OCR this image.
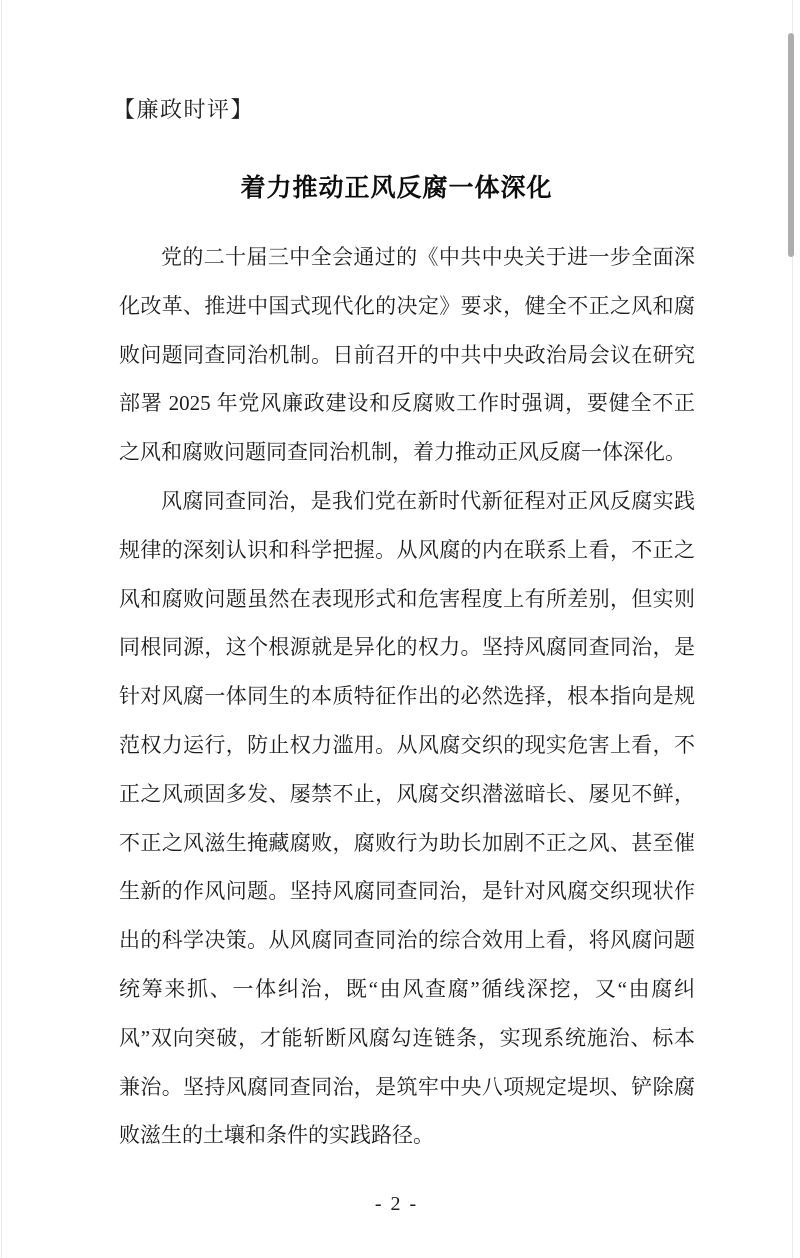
【廉政时评】
着力推动正风反腐一体深化

党的二十届三中全会通过的《中共中央关于进一步全面深化改革、推进中国式现代化的决定》要求，健全不正之风和腐败问题同查同治机制。日前召开的中共中央政治局会议在研究部署 2025 年党风廉政建设和反腐败工作时强调，要健全不正之风和腐败问题同查同治机制，着力推动正风反腐一体深化。

风腐同查同治，是我们党在新时代新征程对正风反腐实践规律的深刻认识和科学把握。从风腐的内在联系上看，不正之风和腐败问题虽然在表现形式和危害程度上有所差别，但实则同根同源，这个根源就是异化的权力。坚持风腐同查同治，是针对风腐一体同生的本质特征作出的必然选择，根本指向是规范权力运行，防止权力滥用。从风腐交织的现实危害上看，不正之风顽固多发、屡禁不止，风腐交织潜滋暗长、屡见不鲜，不正之风滋生掩藏腐败，腐败行为助长加剧不正之风、甚至催生新的作风问题。坚持风腐同查同治，是针对风腐交织现状作出的科学决策。从风腐同查同治的综合效用上看，将风腐问题统筹来抓、一体纠治，既“由风查腐”循线深挖，又“由腐纠风”双向突破，才能斩断风腐勾连链条，实现系统施治、标本兼治。坚持风腐同查同治，是筑牢中央八项规定堤坝、铲除腐败滋生的土壤和条件的实践路径。

- 2 -
